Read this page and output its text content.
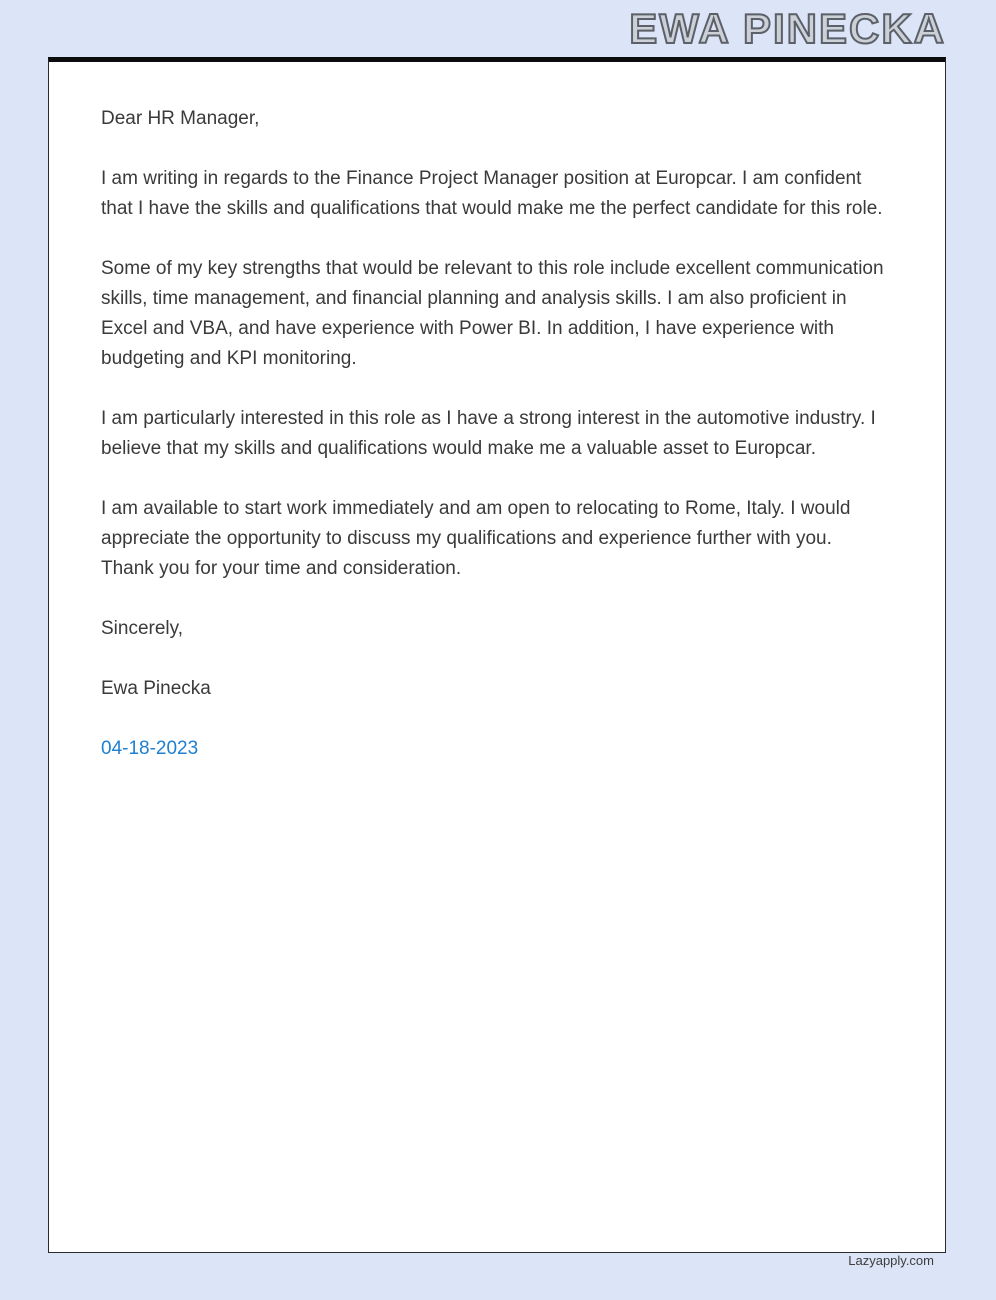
EWA PINECKA

Dear HR Manager,

I am writing in regards to the Finance Project Manager position at Europcar. I am confident that I have the skills and qualifications that would make me the perfect candidate for this role.

Some of my key strengths that would be relevant to this role include excellent communication skills, time management, and financial planning and analysis skills. I am also proficient in Excel and VBA, and have experience with Power BI. In addition, I have experience with budgeting and KPI monitoring.

I am particularly interested in this role as I have a strong interest in the automotive industry. I believe that my skills and qualifications would make me a valuable asset to Europcar.

I am available to start work immediately and am open to relocating to Rome, Italy. I would appreciate the opportunity to discuss my qualifications and experience further with you. Thank you for your time and consideration.

Sincerely,

Ewa Pinecka

04-18-2023
Lazyapply.com
